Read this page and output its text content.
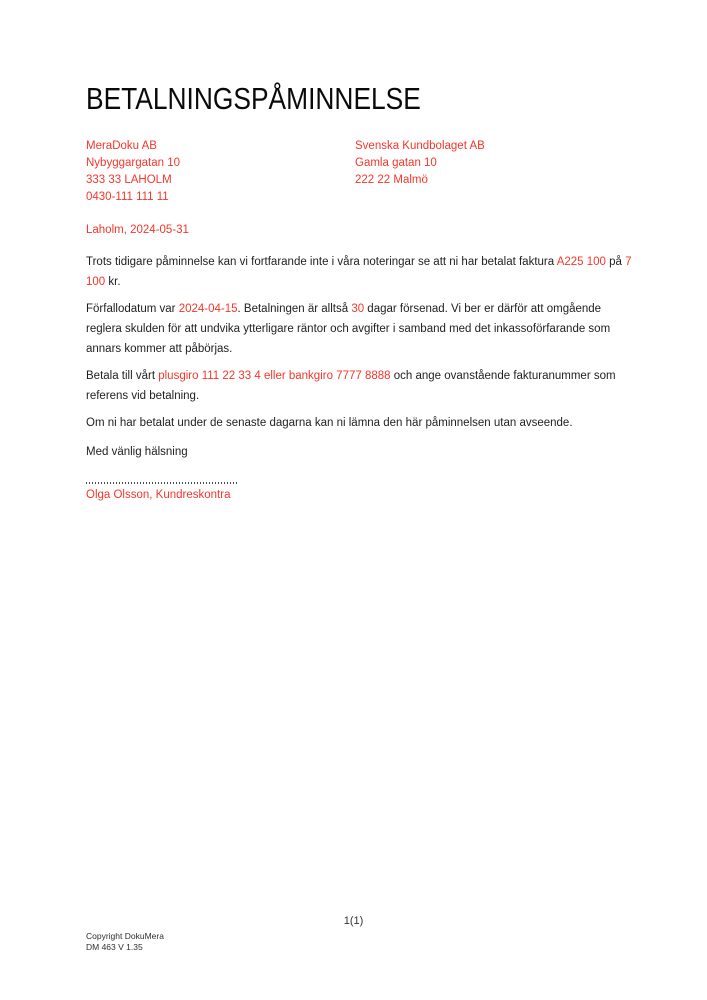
BETALNINGSPÅMINNELSE
MeraDoku AB
Nybyggargatan 10
333 33 LAHOLM
0430-111 111 11
Svenska Kundbolaget AB
Gamla gatan 10
222 22 Malmö
Laholm, 2024-05-31

Trots tidigare påminnelse kan vi fortfarande inte i våra noteringar se att ni har betalat faktura A225 100 på 7 100 kr.

Förfallodatum var 2024-04-15. Betalningen är alltså 30 dagar försenad. Vi ber er därför att omgående reglera skulden för att undvika ytterligare räntor och avgifter i samband med det inkassoförfarande som annars kommer att påbörjas.

Betala till vårt plusgiro 111 22 33 4 eller bankgiro 7777 8888 och ange ovanstående fakturanummer som referens vid betalning.

Om ni har betalat under de senaste dagarna kan ni lämna den här påminnelsen utan avseende.

Med vänlig hälsning
Olga Olsson, Kundreskontra
1(1)
Copyright DokuMera
DM 463 V 1.35
